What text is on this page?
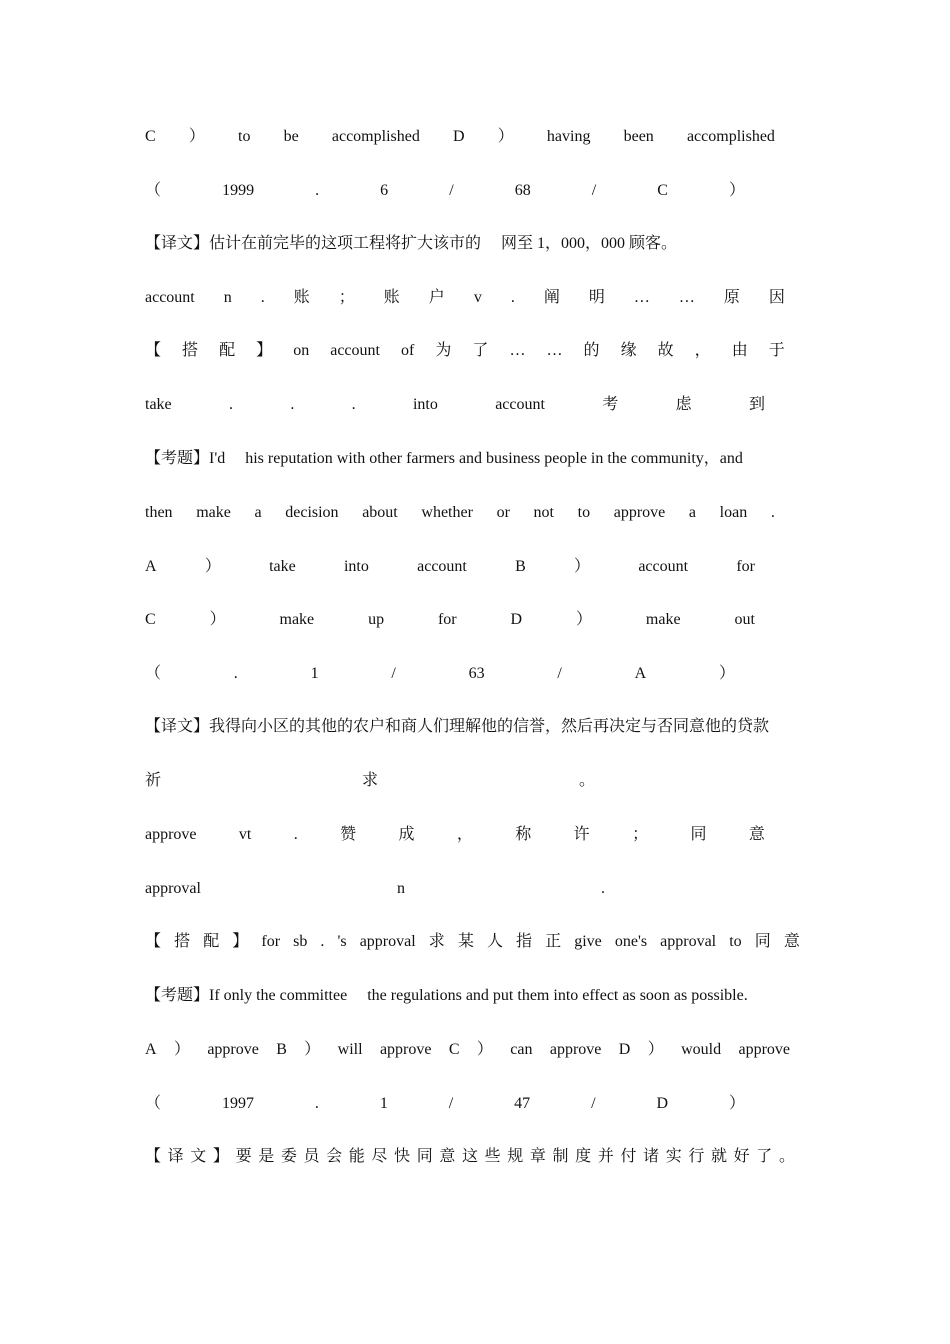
C ） to be accomplished D ） having been accomplished
（	1999	.	6	/	68	/	C	）
【译文】估计在前完毕的这项工程将扩大该市的 网至 1，000，000 顾客。
account n . 账 ； 账 户 v . 阐 明 … … 原 因
【 搭 配 】 on account of 为 了 … … 的 缘 故 ， 由 于
take	.	.	.	into	account	考	虑	到
【考题】I'd his reputation with other farmers and business people in the community，and
then make a decision about whether or not to approve a loan .
A	）	take	into	account	B	）	account	for
C	）	make	up	for	D	）	make	out
（	.	1	/	63	/	A	）
【译文】我得向小区的其他的农户和商人们理解他的信誉，然后再决定与否同意他的贷款
祈	求	。
approve	vt	.	赞	成	，	称	许	；	同	意
approval	n	.
【 搭 配 】 for sb . 's approval 求 某 人 指 正 give one's approval to 同 意
【考题】If only the committee the regulations and put them into effect as soon as possible.
A ） approve B ） will approve C ） can approve D ） would approve
（	1997	.	1	/	47	/	D	）
【 译 文 】 要 是 委 员 会 能 尽 快 同 意 这 些 规 章 制 度 并 付 诸 实 行 就 好 了 。
